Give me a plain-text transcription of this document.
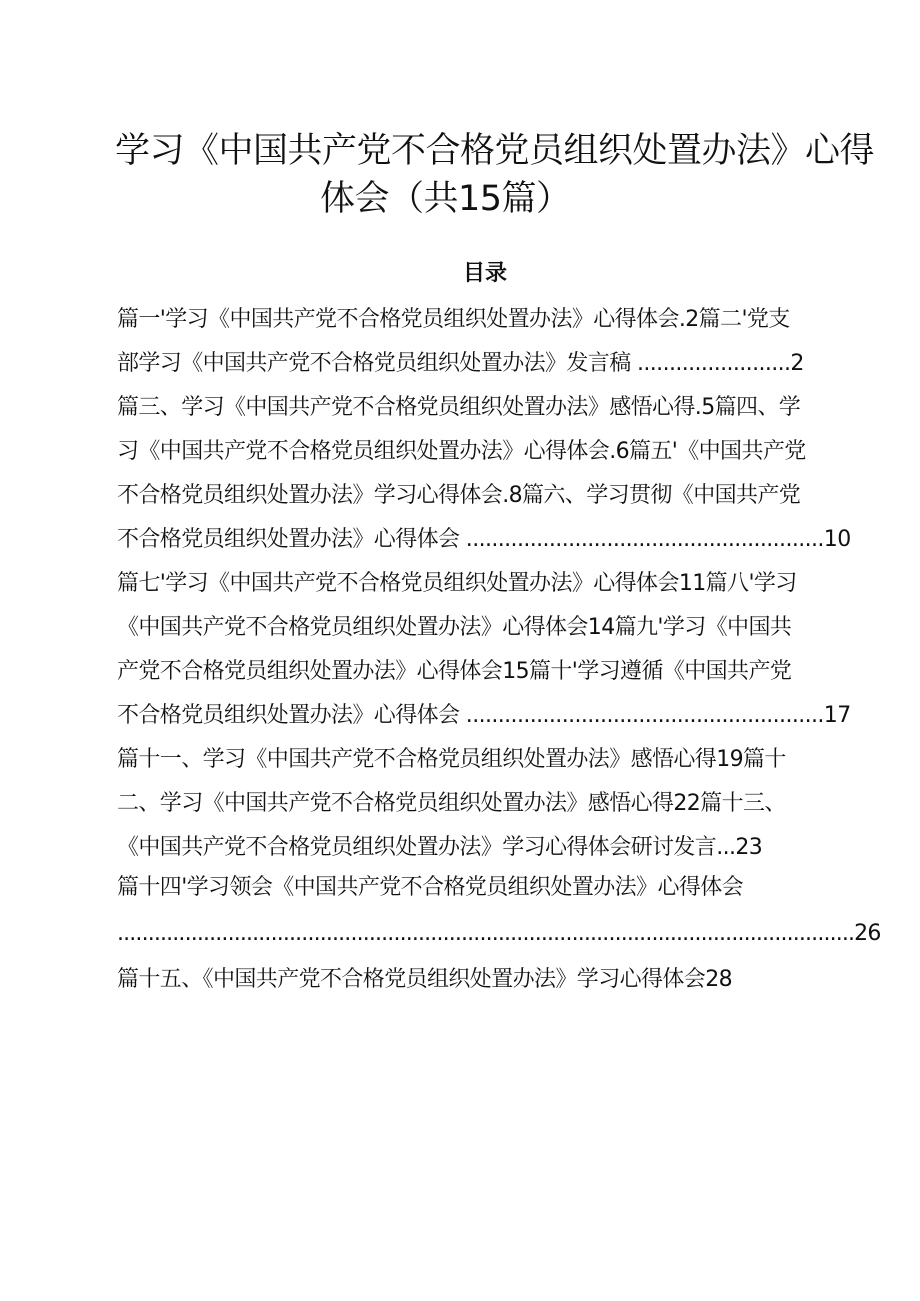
学习《中国共产党不合格党员组织处置办法》心得
体会（共15篇）
目录
篇一'学习《中国共产党不合格党员组织处置办法》心得体会.2篇二'党支
部学习《中国共产党不合格党员组织处置办法》发言稿 ........................2
篇三、学习《中国共产党不合格党员组织处置办法》感悟心得.5篇四、学
习《中国共产党不合格党员组织处置办法》心得体会.6篇五'《中国共产党
不合格党员组织处置办法》学习心得体会.8篇六、学习贯彻《中国共产党
不合格党员组织处置办法》心得体会 ........................................................10
篇七'学习《中国共产党不合格党员组织处置办法》心得体会11篇八'学习
《中国共产党不合格党员组织处置办法》心得体会14篇九'学习《中国共
产党不合格党员组织处置办法》心得体会15篇十'学习遵循《中国共产党
不合格党员组织处置办法》心得体会 ........................................................17
篇十一、学习《中国共产党不合格党员组织处置办法》感悟心得19篇十
二、学习《中国共产党不合格党员组织处置办法》感悟心得22篇十三、
《中国共产党不合格党员组织处置办法》学习心得体会研讨发言...23
篇十四'学习领会《中国共产党不合格党员组织处置办法》心得体会
........................................................................................................................26
篇十五、《中国共产党不合格党员组织处置办法》学习心得体会28
